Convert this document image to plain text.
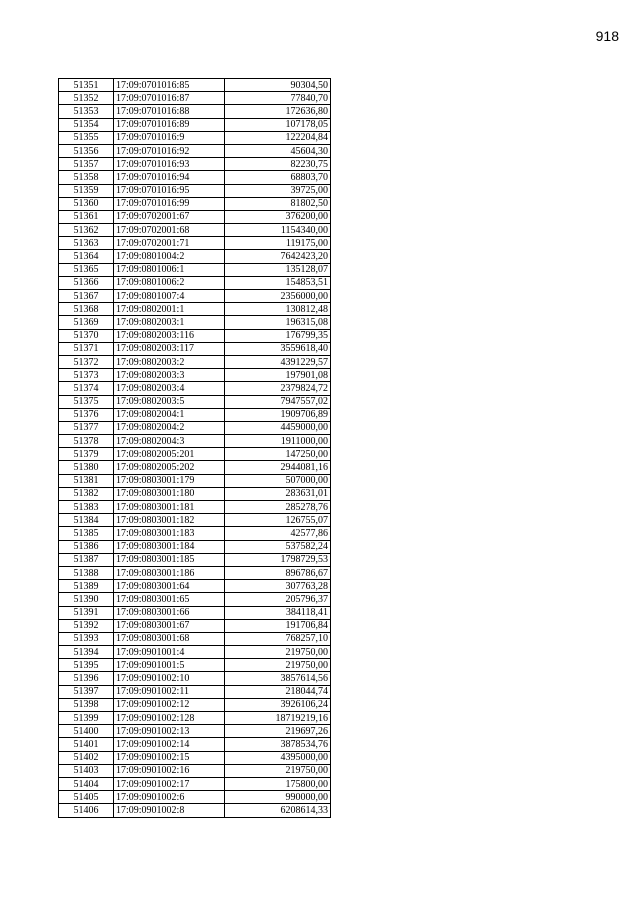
918
51351	17:09:0701016:85	90304,50
51352	17:09:0701016:87	77840,70
51353	17:09:0701016:88	172636,80
51354	17:09:0701016:89	107178,05
51355	17:09:0701016:9	122204,84
51356	17:09:0701016:92	45604,30
51357	17:09:0701016:93	82230,75
51358	17:09:0701016:94	68803,70
51359	17:09:0701016:95	39725,00
51360	17:09:0701016:99	81802,50
51361	17:09:0702001:67	376200,00
51362	17:09:0702001:68	1154340,00
51363	17:09:0702001:71	119175,00
51364	17:09:0801004:2	7642423,20
51365	17:09:0801006:1	135128,07
51366	17:09:0801006:2	154853,51
51367	17:09:0801007:4	2356000,00
51368	17:09:0802001:1	130812,48
51369	17:09:0802003:1	196315,08
51370	17:09:0802003:116	176799,35
51371	17:09:0802003:117	3559618,40
51372	17:09:0802003:2	4391229,57
51373	17:09:0802003:3	197901,08
51374	17:09:0802003:4	2379824,72
51375	17:09:0802003:5	7947557,02
51376	17:09:0802004:1	1909706,89
51377	17:09:0802004:2	4459000,00
51378	17:09:0802004:3	1911000,00
51379	17:09:0802005:201	147250,00
51380	17:09:0802005:202	2944081,16
51381	17:09:0803001:179	507000,00
51382	17:09:0803001:180	283631,01
51383	17:09:0803001:181	285278,76
51384	17:09:0803001:182	126755,07
51385	17:09:0803001:183	42577,86
51386	17:09:0803001:184	537582,24
51387	17:09:0803001:185	1798729,53
51388	17:09:0803001:186	896786,67
51389	17:09:0803001:64	307763,28
51390	17:09:0803001:65	205796,37
51391	17:09:0803001:66	384118,41
51392	17:09:0803001:67	191706,84
51393	17:09:0803001:68	768257,10
51394	17:09:0901001:4	219750,00
51395	17:09:0901001:5	219750,00
51396	17:09:0901002:10	3857614,56
51397	17:09:0901002:11	218044,74
51398	17:09:0901002:12	3926106,24
51399	17:09:0901002:128	18719219,16
51400	17:09:0901002:13	219697,26
51401	17:09:0901002:14	3878534,76
51402	17:09:0901002:15	4395000,00
51403	17:09:0901002:16	219750,00
51404	17:09:0901002:17	175800,00
51405	17:09:0901002:6	990000,00
51406	17:09:0901002:8	6208614,33
